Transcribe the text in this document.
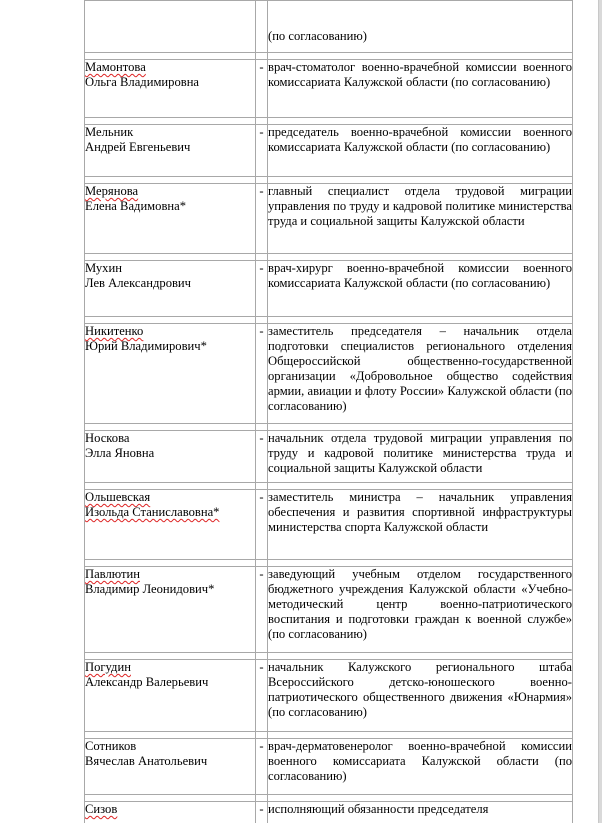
		(по согласованию)

Мамонтова
Ольга Владимировна	-	врач-стоматолог военно-врачебной комиссии военного комиссариата Калужской области (по согласованию)

Мельник
Андрей Евгеньевич	-	председатель военно-врачебной комиссии военного комиссариата Калужской области (по согласованию)

Мерянова
Елена Вадимовна*	-	главный специалист отдела трудовой миграции управления по труду и кадровой политике министерства труда и социальной защиты Калужской области

Мухин
Лев Александрович	-	врач-хирург военно-врачебной комиссии военного комиссариата Калужской области (по согласованию)

Никитенко
Юрий Владимирович*	-	заместитель председателя – начальник отдела подготовки специалистов регионального отделения Общероссийской общественно-государственной организации «Добровольное общество содействия армии, авиации и флоту России» Калужской области (по согласованию)

Носкова
Элла Яновна	-	начальник отдела трудовой миграции управления по труду и кадровой политике министерства труда и социальной защиты Калужской области

Ольшевская
Изольда Станиславовна*	-	заместитель министра – начальник управления обеспечения и развития спортивной инфраструктуры министерства спорта Калужской области

Павлютин
Владимир Леонидович*	-	заведующий учебным отделом государственного бюджетного учреждения Калужской области «Учебно-методический центр военно-патриотического воспитания и подготовки граждан к военной службе» (по согласованию)

Погудин
Александр Валерьевич	-	начальник Калужского регионального штаба Всероссийского детско-юношеского военно-патриотического общественного движения «Юнармия» (по согласованию)

Сотников
Вячеслав Анатольевич	-	врач-дерматовенеролог военно-врачебной комиссии военного комиссариата Калужской области (по согласованию)

Сизов	-	исполняющий обязанности председателя
